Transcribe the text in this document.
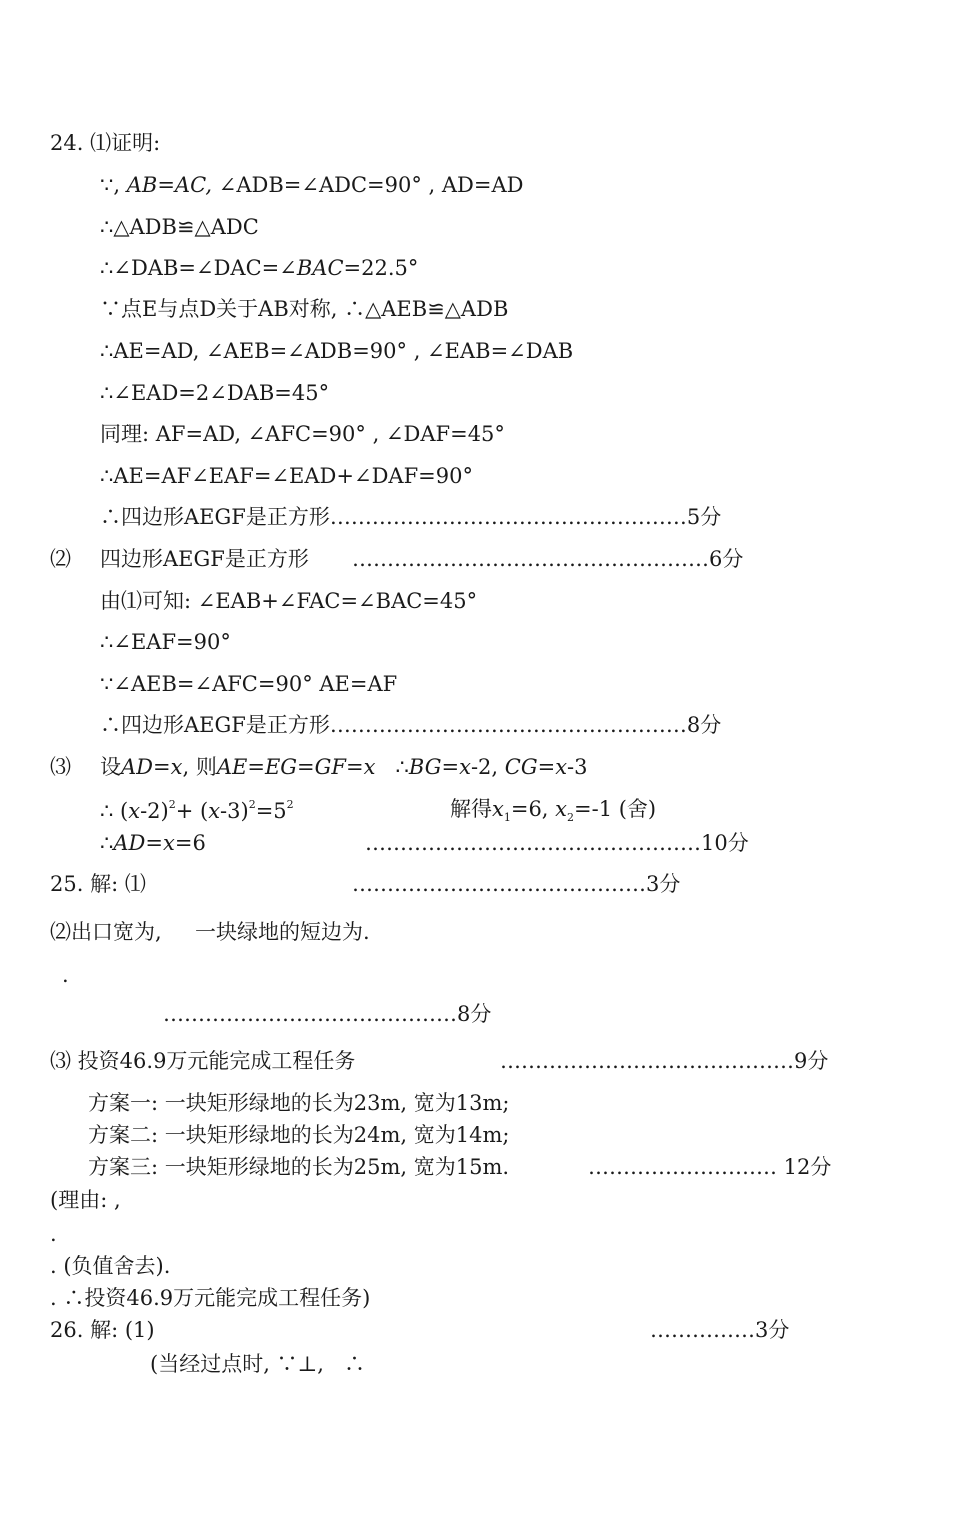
24. ⑴证明:
∵, AB=AC, ∠ADB=∠ADC=90° , AD=AD
∴△ADB≌△ADC
∴∠DAB=∠DAC=∠BAC=22.5°
∵点E与点D关于AB对称, ∴△AEB≌△ADB
∴AE=AD, ∠AEB=∠ADB=90° , ∠EAB=∠DAB
∴∠EAD=2∠DAB=45°
同理: AF=AD, ∠AFC=90° , ∠DAF=45°
∴AE=AF∠EAF=∠EAD+∠DAF=90°
∴四边形AEGF是正方形……………………………………………5分
⑵ 四边形AEGF是正方形 ……………………………………………6分
由⑴可知: ∠EAB+∠FAC=∠BAC=45°
∴∠EAF=90°
∵∠AEB=∠AFC=90° AE=AF
∴四边形AEGF是正方形……………………………………………8分
⑶ 设AD=x, 则AE=EG=GF=x ∴BG=x-2, CG=x-3
∴ $(x-2)^2+ (x-3)^2=5^2$	解得$x_1=6$, $x_2=-1$ (舍)
∴AD=x=6	…………………………………………10分
25. 解: ⑴	……………………………………3分
⑵出口宽为,     一块绿地的短边为.
.
……………………………………8分
⑶ 投资46.9万元能完成工程任务	……………………………………9分
方案一: 一块矩形绿地的长为23m, 宽为13m;
方案二: 一块矩形绿地的长为24m, 宽为14m;
方案三: 一块矩形绿地的长为25m, 宽为15m.	……………………… 12分
(理由: ,
.
. (负值舍去).
. ∴投资46.9万元能完成工程任务)
26. 解: (1)	……………3分
(当经过点时, ∵⊥,   ∴
